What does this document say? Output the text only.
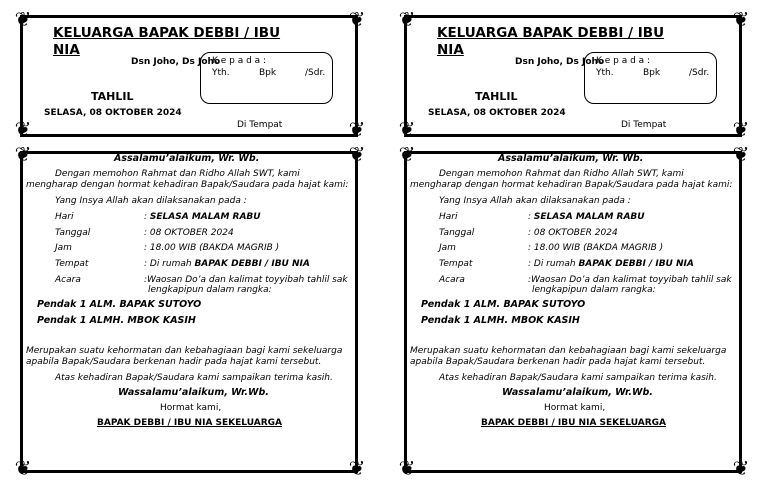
❦	❦
❦	❦
KELUARGA BAPAK DEBBI / IBU
NIA
Dsn Joho, Ds Joho
K e p a d a :
Yth.	Bpk	/Sdr.
TAHLIL
SELASA, 08 OKTOBER 2024
Di Tempat
❦	❦
❦	❦
Assalamu’alaikum, Wr. Wb.
Dengan memohon Rahmat dan Ridho Allah SWT, kami
mengharap dengan hormat kehadiran Bapak/Saudara pada hajat kami:
Yang Insya Allah akan dilaksanakan pada :
Hari	: SELASA MALAM RABU
Tanggal	: 08 OKTOBER 2024
Jam	: 18.00 WIB (BAKDA MAGRIB )
Tempat	: Di rumah BAPAK DEBBI / IBU NIA
Acara	:Waosan Do’a dan kalimat toyyibah tahlil sak
lengkapipun dalam rangka:
Pendak 1 ALM. BAPAK SUTOYO
Pendak 1 ALMH. MBOK KASIH
Merupakan suatu kehormatan dan kebahagiaan bagi kami sekeluarga
apabila Bapak/Saudara berkenan hadir pada hajat kami tersebut.
Atas kehadiran Bapak/Saudara kami sampaikan terima kasih.
Wassalamu’alaikum, Wr.Wb.
Hormat kami,
BAPAK DEBBI / IBU NIA SEKELUARGA
❦	❦
❦	❦
KELUARGA BAPAK DEBBI / IBU
NIA
Dsn Joho, Ds Joho
K e p a d a :
Yth.	Bpk	/Sdr.
TAHLIL
SELASA, 08 OKTOBER 2024
Di Tempat
❦	❦
❦	❦
Assalamu’alaikum, Wr. Wb.
Dengan memohon Rahmat dan Ridho Allah SWT, kami
mengharap dengan hormat kehadiran Bapak/Saudara pada hajat kami:
Yang Insya Allah akan dilaksanakan pada :
Hari	: SELASA MALAM RABU
Tanggal	: 08 OKTOBER 2024
Jam	: 18.00 WIB (BAKDA MAGRIB )
Tempat	: Di rumah BAPAK DEBBI / IBU NIA
Acara	:Waosan Do’a dan kalimat toyyibah tahlil sak
lengkapipun dalam rangka:
Pendak 1 ALM. BAPAK SUTOYO
Pendak 1 ALMH. MBOK KASIH
Merupakan suatu kehormatan dan kebahagiaan bagi kami sekeluarga
apabila Bapak/Saudara berkenan hadir pada hajat kami tersebut.
Atas kehadiran Bapak/Saudara kami sampaikan terima kasih.
Wassalamu’alaikum, Wr.Wb.
Hormat kami,
BAPAK DEBBI / IBU NIA SEKELUARGA
